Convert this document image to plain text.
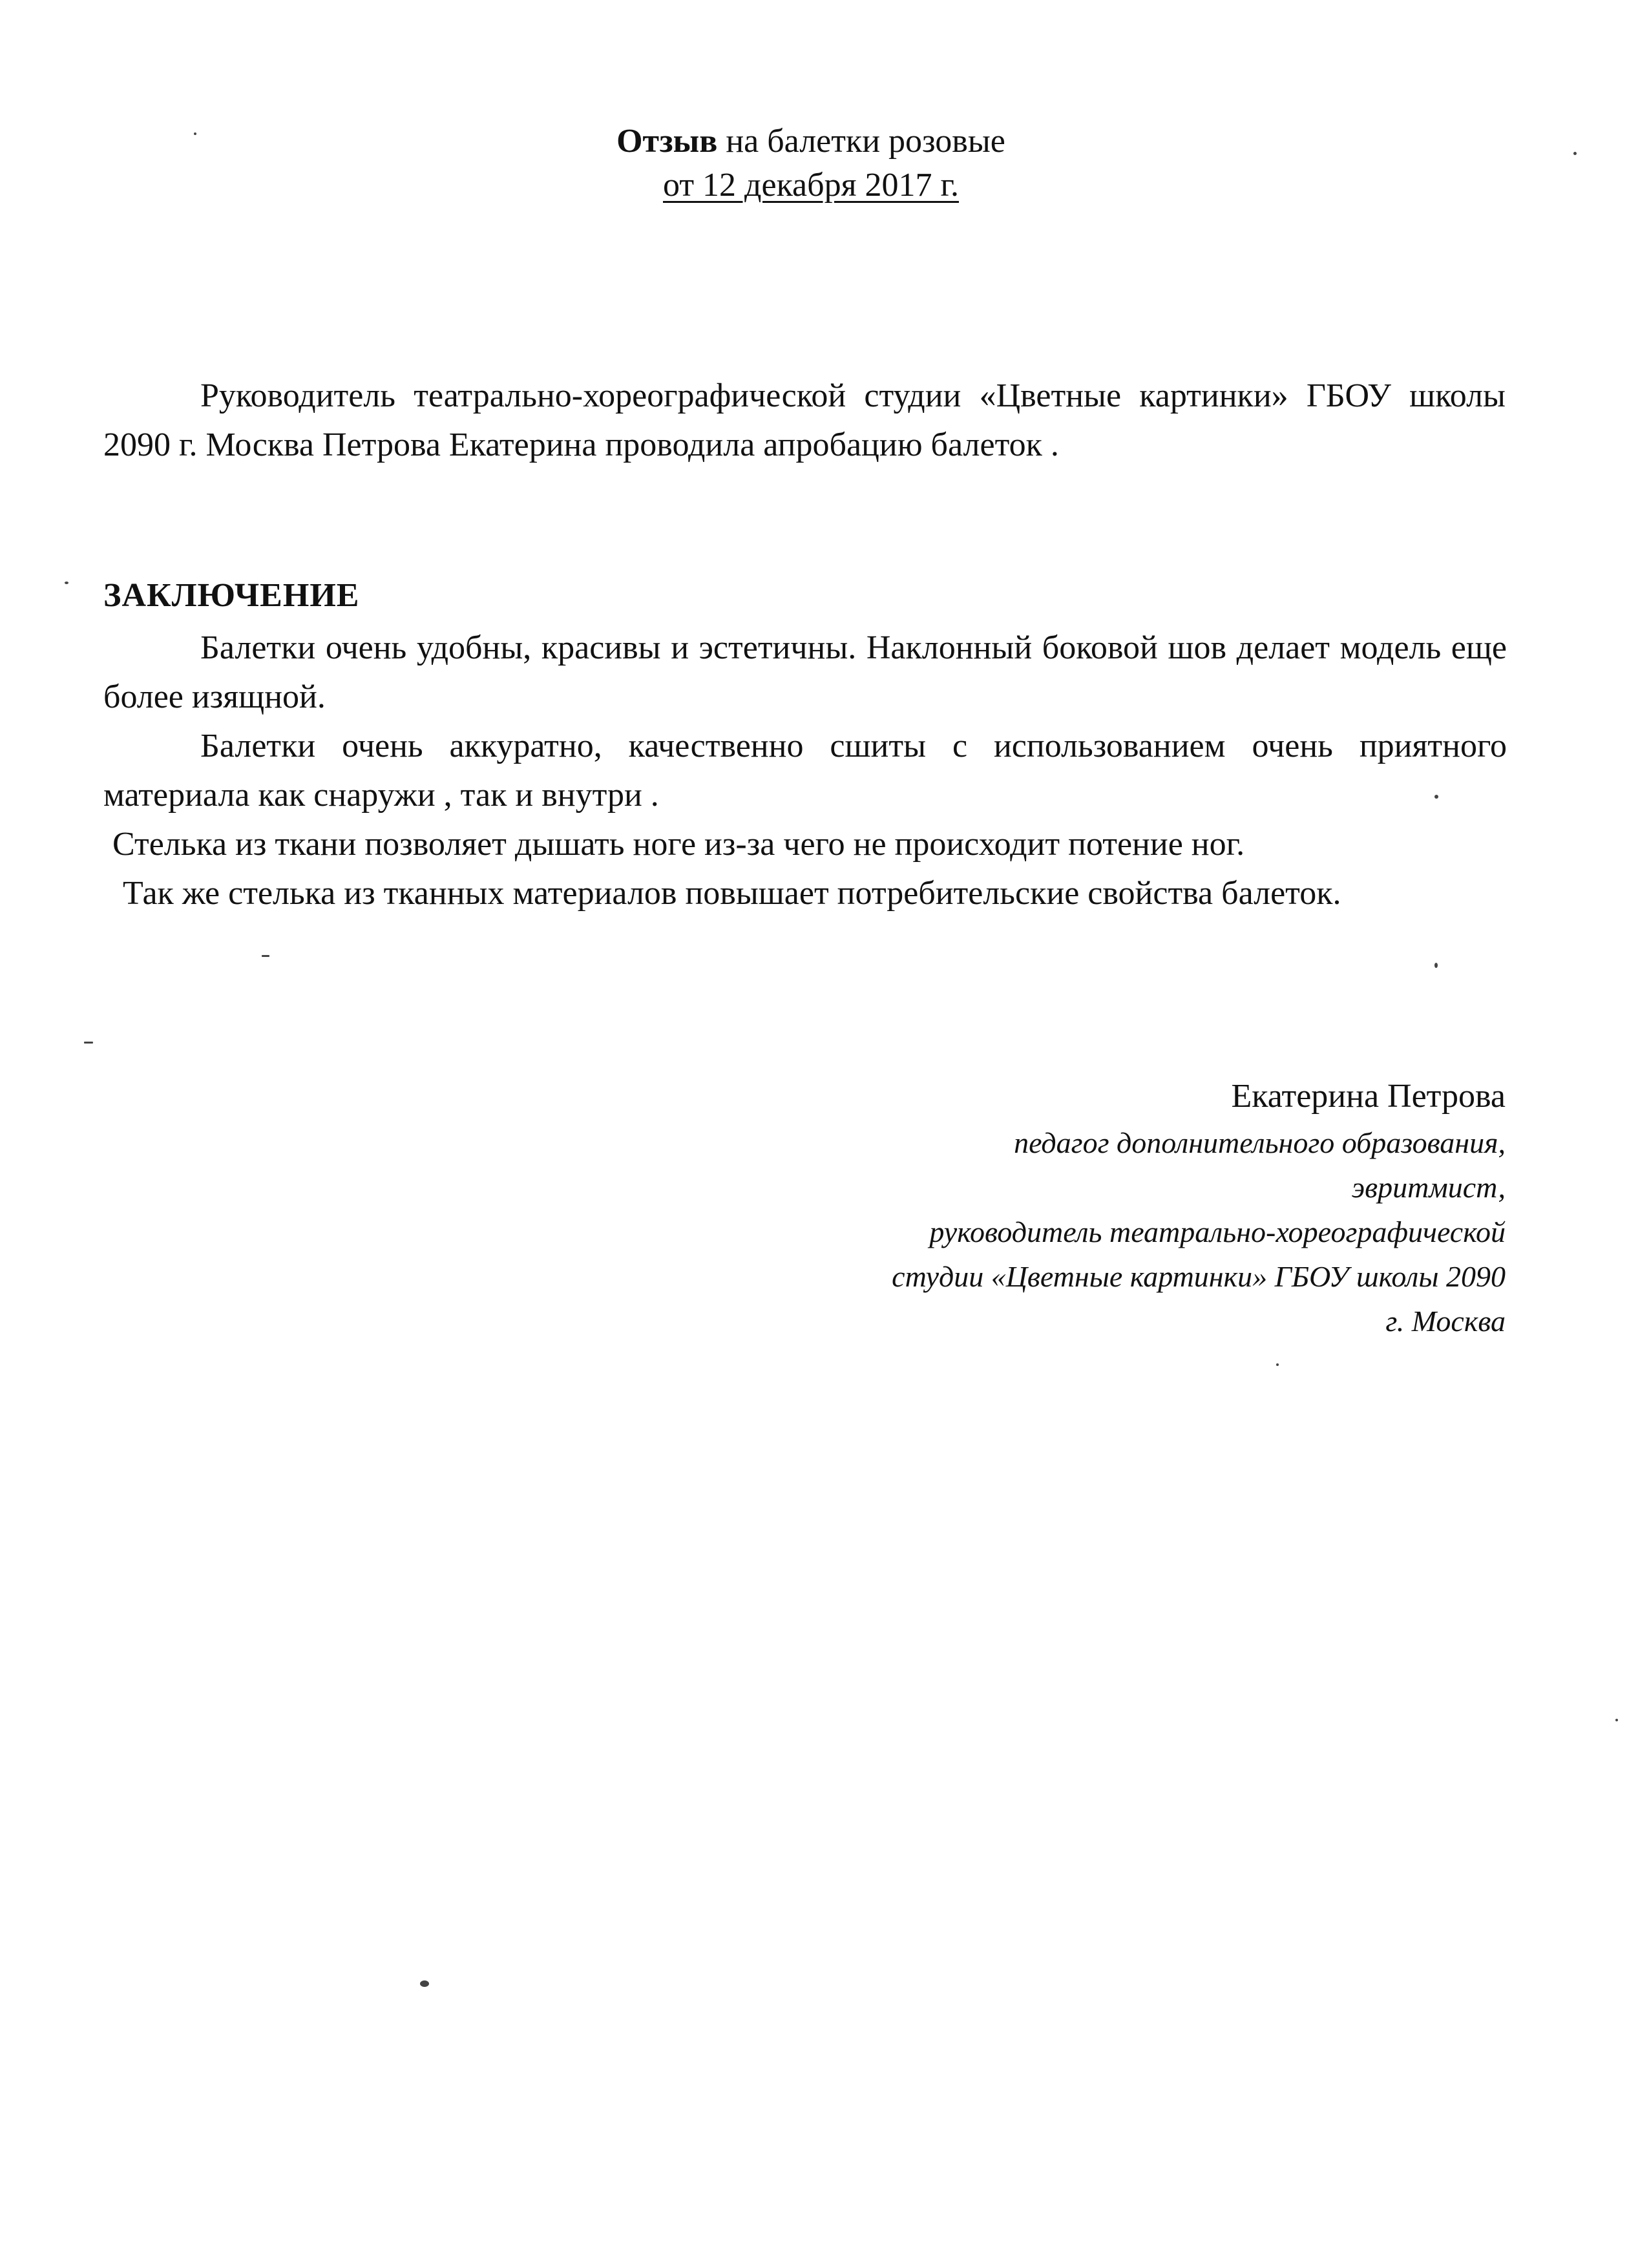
Отзыв на балетки розовые
от 12 декабря 2017 г.
Руководитель театрально-хореографической студии «Цветные картинки» ГБОУ школы 2090 г. Москва Петрова Екатерина проводила апробацию балеток .
ЗАКЛЮЧЕНИЕ

Балетки очень удобны, красивы и эстетичны. Наклонный боковой шов делает модель еще более изящной.

Балетки очень аккуратно, качественно сшиты с использованием очень приятного материала как снаружи , так и внутри .

Стелька из ткани позволяет дышать ноге из-за чего не происходит потение ног.

Так же стелька из тканных материалов повышает потребительские свойства балеток.

Екатерина Петрова
педагог дополнительного образования,
эвритмист,
руководитель театрально-хореографической
студии «Цветные картинки» ГБОУ школы 2090
г. Москва
